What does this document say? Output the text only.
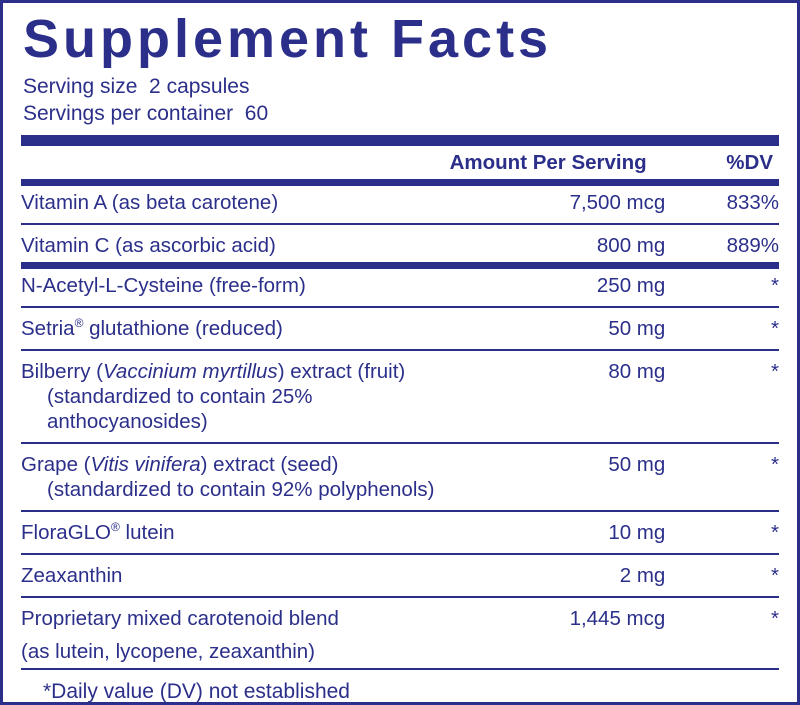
Supplement Facts
Serving size  2 capsules
Servings per container  60
	Amount Per Serving	%DV
Vitamin A (as beta carotene)	7,500 mcg	833%

Vitamin C (as ascorbic acid)	800 mg	889%
N-Acetyl-L-Cysteine (free-form)	250 mg	*

Setria® glutathione (reduced)	50 mg	*

Bilberry (Vaccinium myrtillus) extract (fruit)
(standardized to contain 25% anthocyanosides)	80 mg	*

Grape (Vitis vinifera) extract (seed)
(standardized to contain 92% polyphenols)	50 mg	*

FloraGLO® lutein	10 mg	*

Zeaxanthin	2 mg	*

Proprietary mixed carotenoid blend	1,445 mcg	*
(as lutein, lycopene, zeaxanthin)		
*Daily value (DV) not established
